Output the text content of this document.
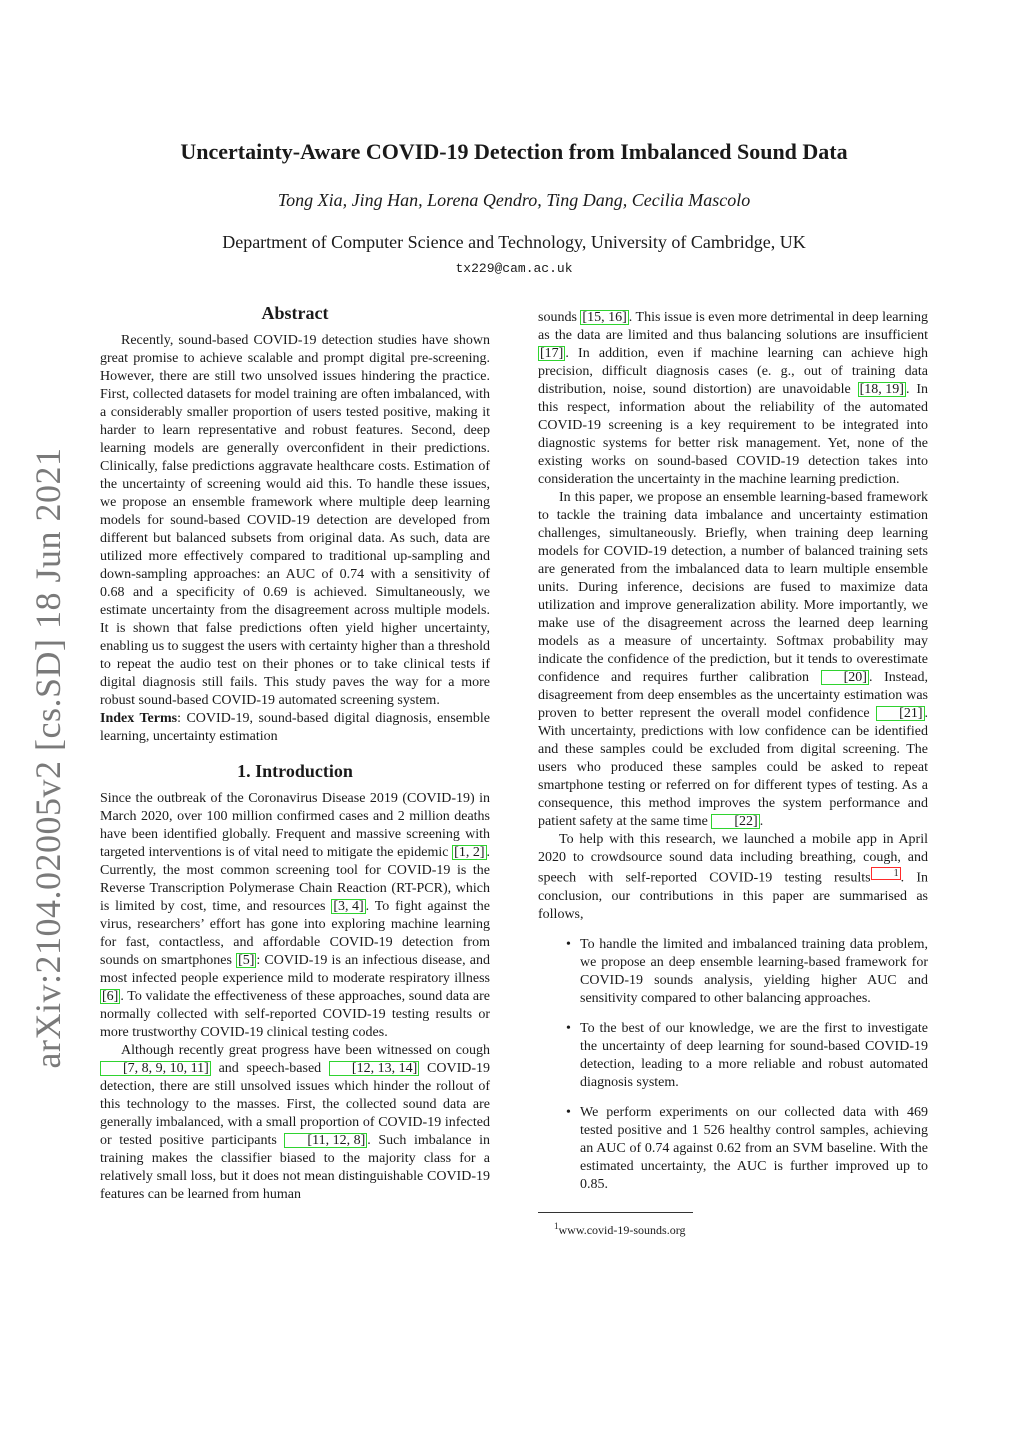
arXiv:2104.02005v2 [cs.SD] 18 Jun 2021
Uncertainty-Aware COVID-19 Detection from Imbalanced Sound Data

Tong Xia, Jing Han, Lorena Qendro, Ting Dang, Cecilia Mascolo

Department of Computer Science and Technology, University of Cambridge, UK

tx229@cam.ac.uk

Abstract

Recently, sound-based COVID-19 detection studies have shown great promise to achieve scalable and prompt digital pre-screening. However, there are still two unsolved issues hindering the practice. First, collected datasets for model training are often imbalanced, with a considerably smaller proportion of users tested positive, making it harder to learn representative and robust features. Second, deep learning models are generally overconfident in their predictions. Clinically, false predictions aggravate healthcare costs. Estimation of the uncertainty of screening would aid this. To handle these issues, we propose an ensemble framework where multiple deep learning models for sound-based COVID-19 detection are developed from different but balanced subsets from original data. As such, data are utilized more effectively compared to traditional up-sampling and down-sampling approaches: an AUC of 0.74 with a sensitivity of 0.68 and a specificity of 0.69 is achieved. Simultaneously, we estimate uncertainty from the disagreement across multiple models. It is shown that false predictions often yield higher uncertainty, enabling us to suggest the users with certainty higher than a threshold to repeat the audio test on their phones or to take clinical tests if digital diagnosis still fails. This study paves the way for a more robust sound-based COVID-19 automated screening system.

Index Terms: COVID-19, sound-based digital diagnosis, ensemble learning, uncertainty estimation

1. Introduction

Since the outbreak of the Coronavirus Disease 2019 (COVID-19) in March 2020, over 100 million confirmed cases and 2 million deaths have been identified globally. Frequent and massive screening with targeted interventions is of vital need to mitigate the epidemic [1, 2] . Currently, the most common screening tool for COVID-19 is the Reverse Transcription Polymerase Chain Reaction (RT-PCR), which is limited by cost, time, and resources [3, 4] . To fight against the virus, researchers’ effort has gone into exploring machine learning for fast, contactless, and affordable COVID-19 detection from sounds on smartphones [5] : COVID-19 is an infectious disease, and most infected people experience mild to moderate respiratory illness [6] . To validate the effectiveness of these approaches, sound data are normally collected with self-reported COVID-19 testing results or more trustworthy COVID-19 clinical testing codes.

Although recently great progress have been witnessed on cough [7, 8, 9, 10, 11] and speech-based [12, 13, 14] COVID-19 detection, there are still unsolved issues which hinder the rollout of this technology to the masses. First, the collected sound data are generally imbalanced, with a small proportion of COVID-19 infected or tested positive participants [11, 12, 8] . Such imbalance in training makes the classifier biased to the majority class for a relatively small loss, but it does not mean distinguishable COVID-19 features can be learned from human

sounds [15, 16] . This issue is even more detrimental in deep learning as the data are limited and thus balancing solutions are insufficient [17] . In addition, even if machine learning can achieve high precision, difficult diagnosis cases (e. g., out of training data distribution, noise, sound distortion) are unavoidable [18, 19] . In this respect, information about the reliability of the automated COVID-19 screening is a key requirement to be integrated into diagnostic systems for better risk management. Yet, none of the existing works on sound-based COVID-19 detection takes into consideration the uncertainty in the machine learning prediction.

In this paper, we propose an ensemble learning-based framework to tackle the training data imbalance and uncertainty estimation challenges, simultaneously. Briefly, when training deep learning models for COVID-19 detection, a number of balanced training sets are generated from the imbalanced data to learn multiple ensemble units. During inference, decisions are fused to maximize data utilization and improve generalization ability. More importantly, we make use of the disagreement across the learned deep learning models as a measure of uncertainty. Softmax probability may indicate the confidence of the prediction, but it tends to overestimate confidence and requires further calibration [20] . Instead, disagreement from deep ensembles as the uncertainty estimation was proven to better represent the overall model confidence [21] . With uncertainty, predictions with low confidence can be identified and these samples could be excluded from digital screening. The users who produced these samples could be asked to repeat smartphone testing or referred on for different types of testing. As a consequence, this method improves the system performance and patient safety at the same time [22] .

To help with this research, we launched a mobile app in April 2020 to crowdsource sound data including breathing, cough, and speech with self-reported COVID-19 testing results 1 . In conclusion, our contributions in this paper are summarised as follows,

• To handle the limited and imbalanced training data problem, we propose an deep ensemble learning-based framework for COVID-19 sounds analysis, yielding higher AUC and sensitivity compared to other balancing approaches.
• To the best of our knowledge, we are the first to investigate the uncertainty of deep learning for sound-based COVID-19 detection, leading to a more reliable and robust automated diagnosis system.
• We perform experiments on our collected data with 469 tested positive and 1 526 healthy control samples, achieving an AUC of 0.74 against 0.62 from an SVM baseline. With the estimated uncertainty, the AUC is further improved up to 0.85.
$^1$www.covid-19-sounds.org
